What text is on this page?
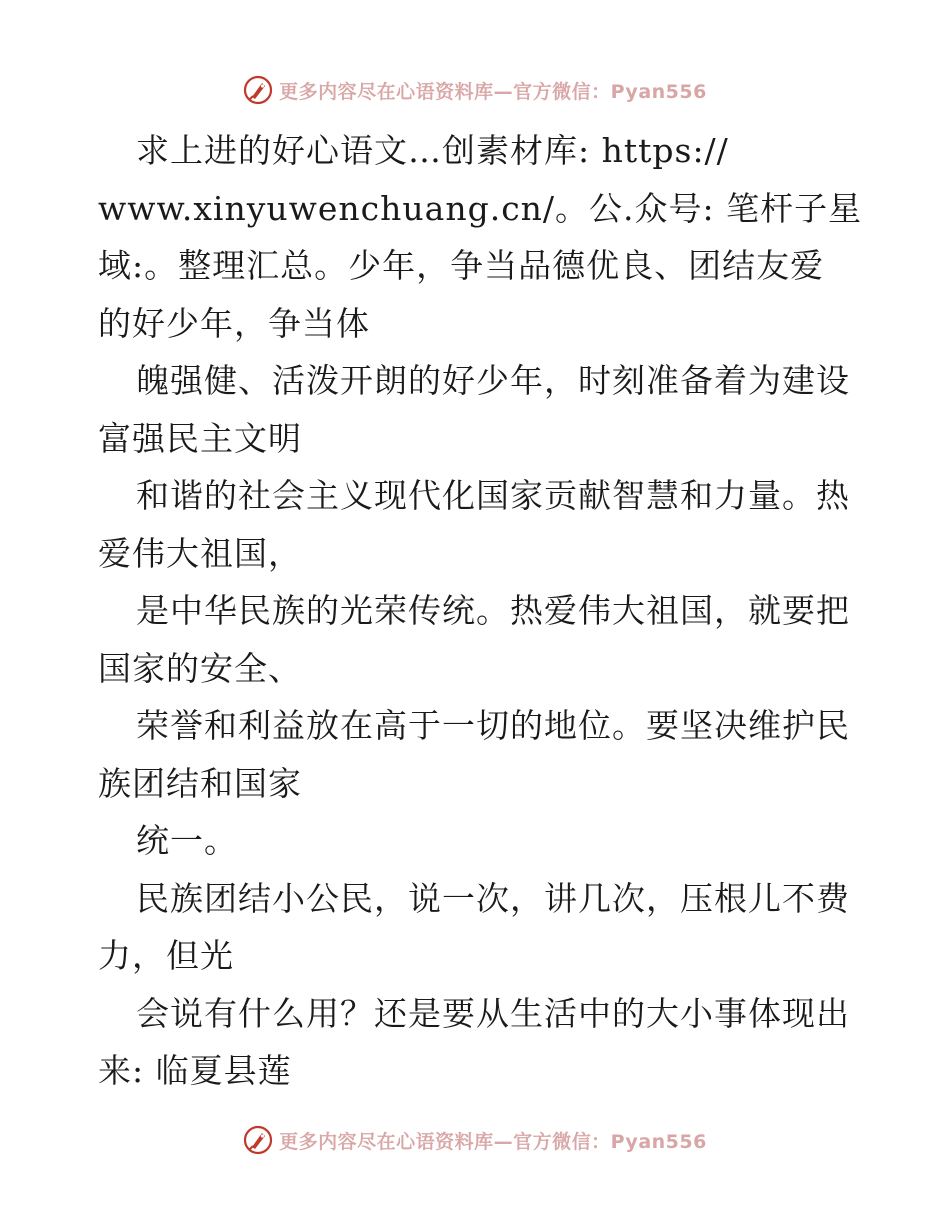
更多内容尽在心语资料库—官方微信：Pyan556
求上进的好心语文…创素材库: https://
www.xinyuwenchuang.cn/。公.众号: 笔杆子星
域:。整理汇总。少年，争当品德优良、团结友爱
的好少年，争当体
魄强健、活泼开朗的好少年，时刻准备着为建设
富强民主文明
和谐的社会主义现代化国家贡献智慧和力量。热
爱伟大祖国，
是中华民族的光荣传统。热爱伟大祖国，就要把
国家的安全、
荣誉和利益放在高于一切的地位。要坚决维护民
族团结和国家
统一。
民族团结小公民，说一次，讲几次，压根儿不费
力，但光
会说有什么用？还是要从生活中的大小事体现出
来: 临夏县莲
更多内容尽在心语资料库—官方微信：Pyan556
